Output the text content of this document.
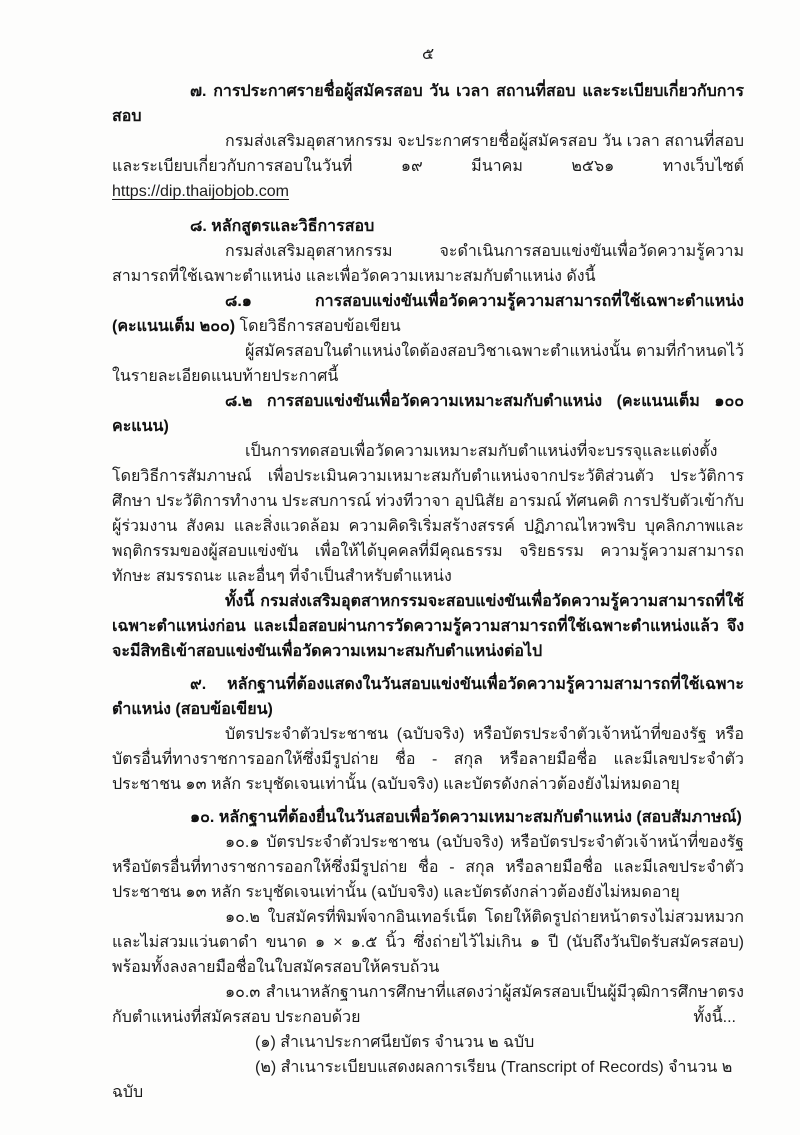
๕

๗. การประกาศรายชื่อผู้สมัครสอบ วัน เวลา สถานที่สอบ และระเบียบเกี่ยวกับการสอบ

กรมส่งเสริมอุตสาหกรรม จะประกาศรายชื่อผู้สมัครสอบ วัน เวลา สถานที่สอบ และระเบียบเกี่ยวกับการสอบในวันที่ ๑๙ มีนาคม ๒๕๖๑ ทางเว็บไซต์ https://dip.thaijobjob.com

๘. หลักสูตรและวิธีการสอบ

กรมส่งเสริมอุตสาหกรรม จะดำเนินการสอบแข่งขันเพื่อวัดความรู้ความสามารถที่ใช้เฉพาะตำแหน่ง และเพื่อวัดความเหมาะสมกับตำแหน่ง ดังนี้

๘.๑ การสอบแข่งขันเพื่อวัดความรู้ความสามารถที่ใช้เฉพาะตำแหน่ง (คะแนนเต็ม ๒๐๐) โดยวิธีการสอบข้อเขียน

ผู้สมัครสอบในตำแหน่งใดต้องสอบวิชาเฉพาะตำแหน่งนั้น ตามที่กำหนดไว้ในรายละเอียดแนบท้ายประกาศนี้

๘.๒ การสอบแข่งขันเพื่อวัดความเหมาะสมกับตำแหน่ง (คะแนนเต็ม ๑๐๐ คะแนน)

เป็นการทดสอบเพื่อวัดความเหมาะสมกับตำแหน่งที่จะบรรจุและแต่งตั้ง โดยวิธีการสัมภาษณ์ เพื่อประเมินความเหมาะสมกับตำแหน่งจากประวัติส่วนตัว ประวัติการศึกษา ประวัติการทำงาน ประสบการณ์ ท่วงทีวาจา อุปนิสัย อารมณ์ ทัศนคติ การปรับตัวเข้ากับผู้ร่วมงาน สังคม และสิ่งแวดล้อม ความคิดริเริ่มสร้างสรรค์ ปฏิภาณไหวพริบ บุคลิกภาพและพฤติกรรมของผู้สอบแข่งขัน เพื่อให้ได้บุคคลที่มีคุณธรรม จริยธรรม ความรู้ความสามารถ ทักษะ สมรรถนะ และอื่นๆ ที่จำเป็นสำหรับตำแหน่ง

ทั้งนี้ กรมส่งเสริมอุตสาหกรรมจะสอบแข่งขันเพื่อวัดความรู้ความสามารถที่ใช้เฉพาะตำแหน่งก่อน และเมื่อสอบผ่านการวัดความรู้ความสามารถที่ใช้เฉพาะตำแหน่งแล้ว จึงจะมีสิทธิเข้าสอบแข่งขันเพื่อวัดความเหมาะสมกับตำแหน่งต่อไป

๙. หลักฐานที่ต้องแสดงในวันสอบแข่งขันเพื่อวัดความรู้ความสามารถที่ใช้เฉพาะตำแหน่ง (สอบข้อเขียน)

บัตรประจำตัวประชาชน (ฉบับจริง) หรือบัตรประจำตัวเจ้าหน้าที่ของรัฐ หรือบัตรอื่นที่ทางราชการออกให้ซึ่งมีรูปถ่าย ชื่อ - สกุล หรือลายมือชื่อ และมีเลขประจำตัวประชาชน ๑๓ หลัก ระบุชัดเจนเท่านั้น (ฉบับจริง) และบัตรดังกล่าวต้องยังไม่หมดอายุ

๑๐. หลักฐานที่ต้องยื่นในวันสอบเพื่อวัดความเหมาะสมกับตำแหน่ง (สอบสัมภาษณ์)

๑๐.๑ บัตรประจำตัวประชาชน (ฉบับจริง) หรือบัตรประจำตัวเจ้าหน้าที่ของรัฐ หรือบัตรอื่นที่ทางราชการออกให้ซึ่งมีรูปถ่าย ชื่อ - สกุล หรือลายมือชื่อ และมีเลขประจำตัวประชาชน ๑๓ หลัก ระบุชัดเจนเท่านั้น (ฉบับจริง) และบัตรดังกล่าวต้องยังไม่หมดอายุ

๑๐.๒ ใบสมัครที่พิมพ์จากอินเทอร์เน็ต โดยให้ติดรูปถ่ายหน้าตรงไม่สวมหมวกและไม่สวมแว่นตาดำ ขนาด ๑ × ๑.๕ นิ้ว ซึ่งถ่ายไว้ไม่เกิน ๑ ปี (นับถึงวันปิดรับสมัครสอบ) พร้อมทั้งลงลายมือชื่อในใบสมัครสอบให้ครบถ้วน

๑๐.๓ สำเนาหลักฐานการศึกษาที่แสดงว่าผู้สมัครสอบเป็นผู้มีวุฒิการศึกษาตรงกับตำแหน่งที่สมัครสอบ ประกอบด้วย

(๑) สำเนาประกาศนียบัตร จำนวน ๒ ฉบับ

(๒) สำเนาระเบียบแสดงผลการเรียน (Transcript of Records) จำนวน ๒ ฉบับ

ทั้งนี้...
